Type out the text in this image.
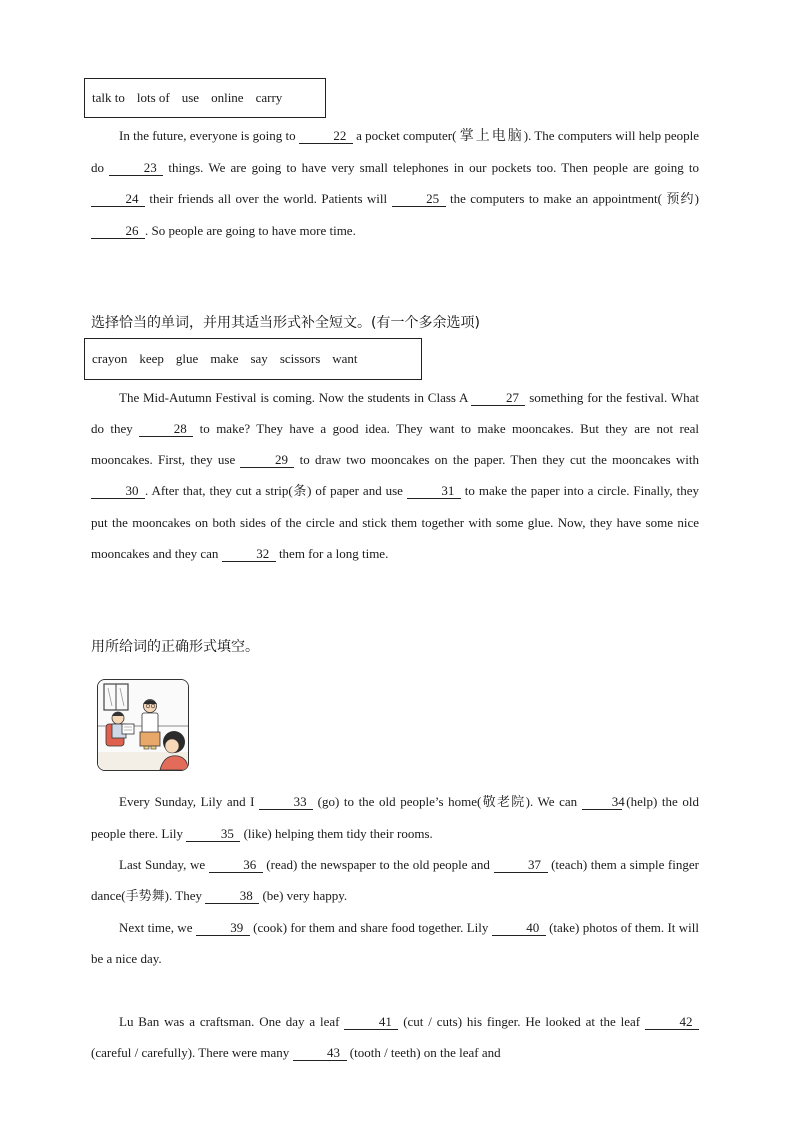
talk to lots of use online carry

In the future, everyone is going to	22 a pocket computer( 掌上电脑). The computers will help people do	23 things. We are going to have very small telephones in our pockets too. Then people are going to 24 their friends all over the world. Patients will	25 the computers to make an appointment( 预约) 26 . So people are going to have more time.

选择恰当的单词，并用其适当形式补全短文。(有一个多余选项)
crayon keep glue make say scissors want

The Mid-Autumn Festival is coming. Now the students in Class A	27 something for the festival. What do they	28 to make? They have a good idea. They want to make mooncakes. But they are not real mooncakes. First, they use	29 to draw two mooncakes on the paper. Then they cut the mooncakes with 30 . After that, they cut a strip(条) of paper and use	31 to make the paper into a circle. Finally, they put the mooncakes on both sides of the circle and stick them together with some glue. Now, they have some nice mooncakes and they can	32 them for a long time.

用所给词的正确形式填空。

Every Sunday, Lily and I	33 (go) to the old people’s home(敬老院). We can 34 (help) the old people there. Lily	35 (like) helping them tidy their rooms.

Last Sunday, we	36 (read) the newspaper to the old people and	37 (teach) them a simple finger dance(手势舞). They	38 (be) very happy.

Next time, we	39 (cook) for them and share food together. Lily	40 (take) photos of them. It will be a nice day.

Lu Ban was a craftsman. One day a leaf	41 (cut / cuts) his finger. He looked at the leaf	42 (careful / carefully). There were many	43 (tooth / teeth) on the leaf and
